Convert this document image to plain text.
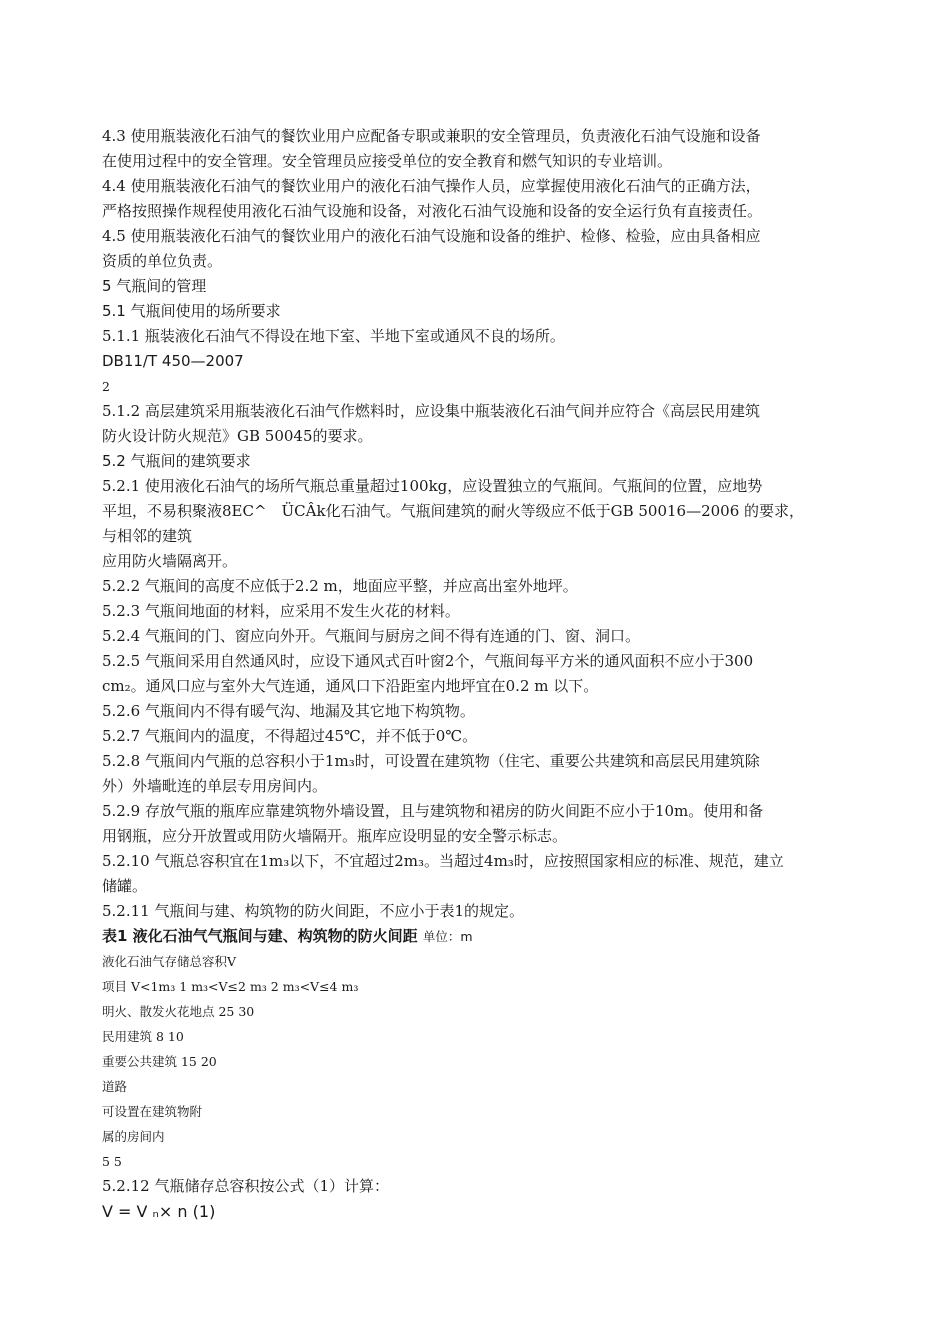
4.3 使用瓶装液化石油气的餐饮业用户应配备专职或兼职的安全管理员，负责液化石油气设施和设备
在使用过程中的安全管理。安全管理员应接受单位的安全教育和燃气知识的专业培训。
4.4 使用瓶装液化石油气的餐饮业用户的液化石油气操作人员，应掌握使用液化石油气的正确方法，
严格按照操作规程使用液化石油气设施和设备，对液化石油气设施和设备的安全运行负有直接责任。
4.5 使用瓶装液化石油气的餐饮业用户的液化石油气设施和设备的维护、检修、检验，应由具备相应
资质的单位负责。
5 气瓶间的管理
5.1 气瓶间使用的场所要求
5.1.1 瓶装液化石油气不得设在地下室、半地下室或通风不良的场所。
DB11/T 450—2007
2
5.1.2 高层建筑采用瓶装液化石油气作燃料时，应设集中瓶装液化石油气间并应符合《高层民用建筑
防火设计防火规范》GB 50045的要求。
5.2 气瓶间的建筑要求
5.2.1 使用液化石油气的场所气瓶总重量超过100kg，应设置独立的气瓶间。气瓶间的位置，应地势
平坦，不易积聚液8EC^　ÜCÂk化石油气。气瓶间建筑的耐火等级应不低于GB 50016—2006 的要求，
与相邻的建筑
应用防火墙隔离开。
5.2.2 气瓶间的高度不应低于2.2 m，地面应平整，并应高出室外地坪。
5.2.3 气瓶间地面的材料，应采用不发生火花的材料。
5.2.4 气瓶间的门、窗应向外开。气瓶间与厨房之间不得有连通的门、窗、洞口。
5.2.5 气瓶间采用自然通风时，应设下通风式百叶窗2个，气瓶间每平方米的通风面积不应小于300
cm₂。通风口应与室外大气连通，通风口下沿距室内地坪宜在0.2 m 以下。
5.2.6 气瓶间内不得有暖气沟、地漏及其它地下构筑物。
5.2.7 气瓶间内的温度，不得超过45℃，并不低于0℃。
5.2.8 气瓶间内气瓶的总容积小于1m₃时，可设置在建筑物（住宅、重要公共建筑和高层民用建筑除
外）外墙毗连的单层专用房间内。
5.2.9 存放气瓶的瓶库应靠建筑物外墙设置，且与建筑物和裙房的防火间距不应小于10m。使用和备
用钢瓶，应分开放置或用防火墙隔开。瓶库应设明显的安全警示标志。
5.2.10 气瓶总容积宜在1m₃以下，不宜超过2m₃。当超过4m₃时，应按照国家相应的标准、规范，建立
储罐。
5.2.11 气瓶间与建、构筑物的防火间距，不应小于表1的规定。
表1 液化石油气气瓶间与建、构筑物的防火间距 单位：m
液化石油气存储总容积V
项目 V<1m₃ 1 m₃<V≤2 m₃ 2 m₃<V≤4 m₃
明火、散发火花地点 25 30
民用建筑 8 10
重要公共建筑 15 20
道路
可设置在建筑物附
属的房间内
5 5
5.2.12 气瓶储存总容积按公式（1）计算：
V = V ₙ× n (1)
